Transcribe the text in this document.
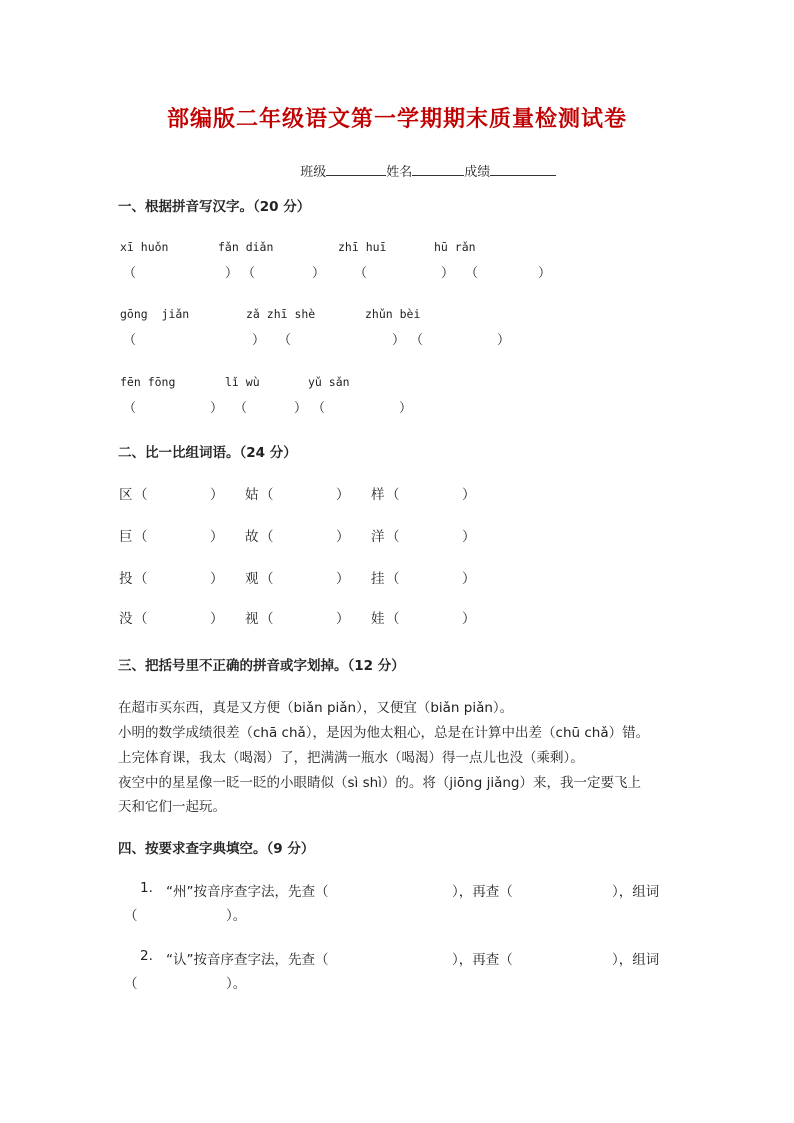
部编版二年级语文第一学期期末质量检测试卷

班级	姓名	成绩

一、根据拼音写汉字。（20 分）
xī huǒn	fǎn diǎn	zhī huī	hū rǎn
（	） （	） （	） （	）
gōng  jiǎn	zǎ zhī shè	zhǔn bèi
（	） （	） （	）
fēn fōng	lǐ wù	yǔ sǎn
（	） （	） （	）
二、比一比组词语。（24 分）
区 （	） 姑 （	） 样 （	）
巨 （	） 故 （	） 洋 （	）
投 （	） 观 （	） 挂 （	）
没 （	） 视 （	） 娃 （	）
三、把括号里不正确的拼音或字划掉。（12 分）
在超市买东西，真是又方便（biǎn piǎn），又便宜（biǎn piǎn）。
小明的数学成绩很差（chā chǎ），是因为他太粗心，总是在计算中出差（chū chǎ）错。
上完体育课，我太（喝渴）了，把满满一瓶水（喝渴）得一点儿也没（乘剩）。
夜空中的星星像一眨一眨的小眼睛似（sì shì）的。将（jiōng jiǎng）来，我一定要飞上
天和它们一起玩。
四、按要求查字典填空。（9 分）
1. “州”按音序查字法，先查（	），再查（	），组词
（	）。
2. “认”按音序查字法，先查（	），再查（	），组词
（	）。
